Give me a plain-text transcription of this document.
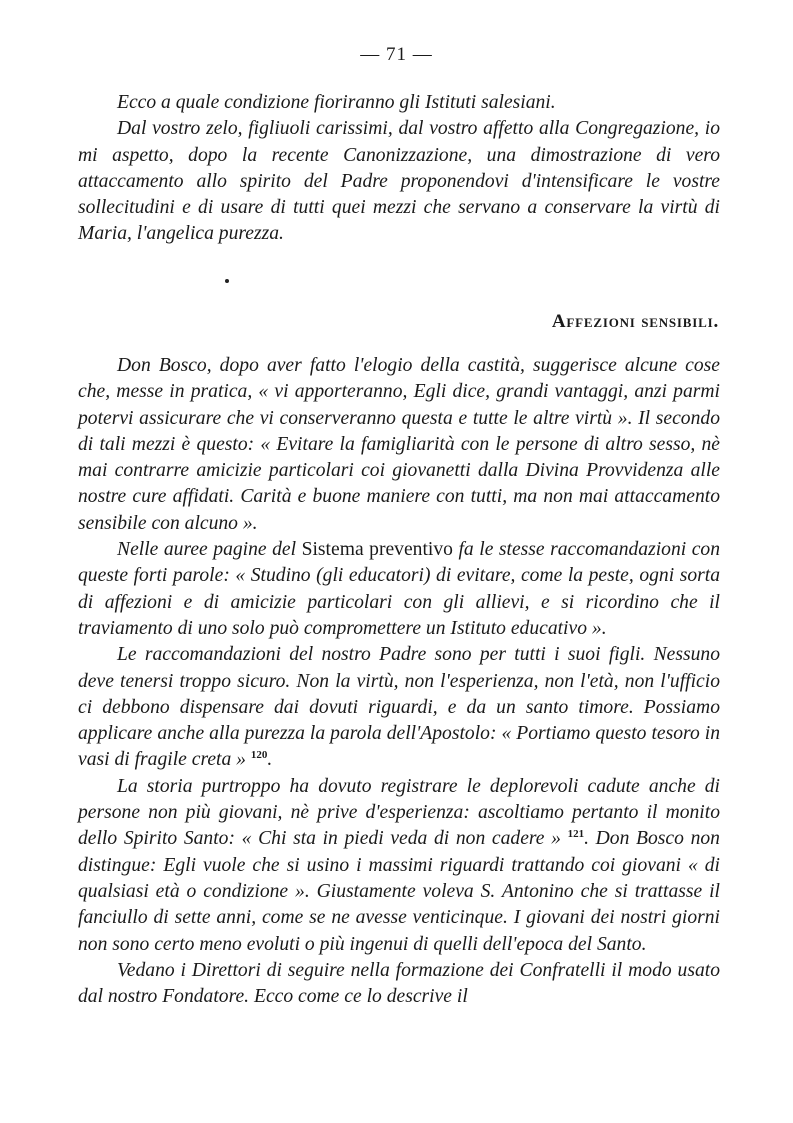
— 71 —

Ecco a quale condizione fioriranno gli Istituti salesiani.

Dal vostro zelo, figliuoli carissimi, dal vostro affetto alla Congregazione, io mi aspetto, dopo la recente Canonizzazione, una dimostrazione di vero attaccamento allo spirito del Padre proponendovi d'intensificare le vostre sollecitudini e di usare di tutti quei mezzi che servano a conservare la virtù di Maria, l'angelica purezza.

Affezioni sensibili.

Don Bosco, dopo aver fatto l'elogio della castità, suggerisce alcune cose che, messe in pratica, « vi apporteranno, Egli dice, grandi vantaggi, anzi parmi potervi assicurare che vi conserveranno questa e tutte le altre virtù ». Il secondo di tali mezzi è questo: « Evitare la famigliarità con le persone di altro sesso, nè mai contrarre amicizie particolari coi giovanetti dalla Divina Provvidenza alle nostre cure affidati. Carità e buone maniere con tutti, ma non mai attaccamento sensibile con alcuno ».

Nelle auree pagine del Sistema preventivo fa le stesse raccomandazioni con queste forti parole: « Studino (gli educatori) di evitare, come la peste, ogni sorta di affezioni e di amicizie particolari con gli allievi, e si ricordino che il traviamento di uno solo può compromettere un Istituto educativo ».

Le raccomandazioni del nostro Padre sono per tutti i suoi figli. Nessuno deve tenersi troppo sicuro. Non la virtù, non l'esperienza, non l'età, non l'ufficio ci debbono dispensare dai dovuti riguardi, e da un santo timore. Possiamo applicare anche alla purezza la parola dell'Apostolo: « Portiamo questo tesoro in vasi di fragile creta » $^{120}$.

La storia purtroppo ha dovuto registrare le deplorevoli cadute anche di persone non più giovani, nè prive d'esperienza: ascoltiamo pertanto il monito dello Spirito Santo: « Chi sta in piedi veda di non cadere » $^{121}$. Don Bosco non distingue: Egli vuole che si usino i massimi riguardi trattando coi giovani « di qualsiasi età o condizione ». Giustamente voleva S. Antonino che si trattasse il fanciullo di sette anni, come se ne avesse venticinque. I giovani dei nostri giorni non sono certo meno evoluti o più ingenui di quelli dell'epoca del Santo.

Vedano i Direttori di seguire nella formazione dei Confratelli il modo usato dal nostro Fondatore. Ecco come ce lo descrive il
